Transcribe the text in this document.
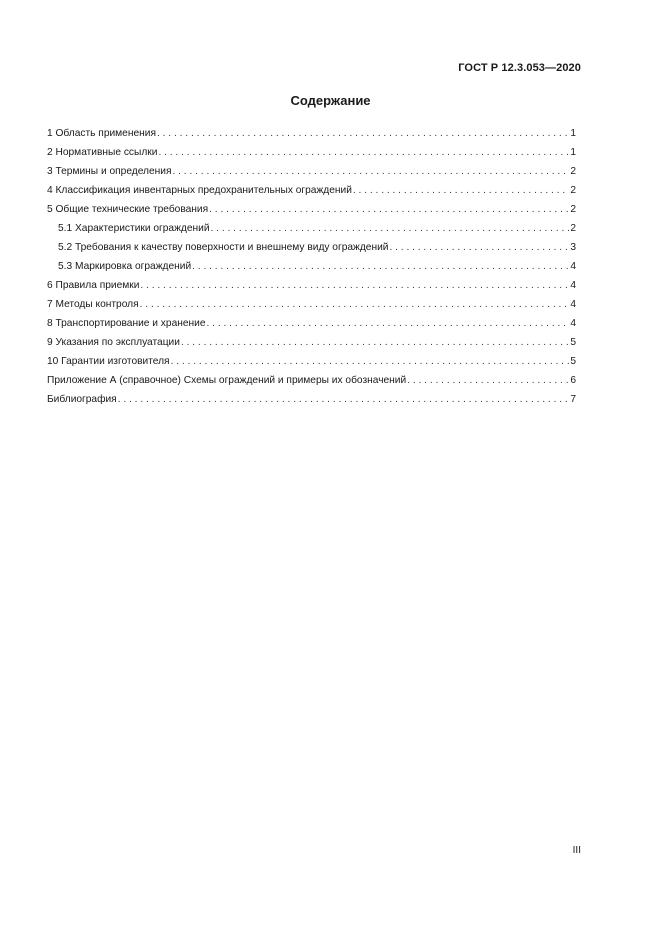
ГОСТ Р 12.3.053—2020
Содержание
1 Область применения . . .	1
2 Нормативные ссылки . . .	1
3 Термины и определения . . .	2
4 Классификация инвентарных предохранительных ограждений . . .	2
5 Общие технические требования . . .	2
5.1 Характеристики ограждений . . .	2
5.2 Требования к качеству поверхности и внешнему виду ограждений . . .	3
5.3 Маркировка ограждений . . .	4
6 Правила приемки . . .	4
7 Методы контроля . . .	4
8 Транспортирование и хранение . . .	4
9 Указания по эксплуатации . . .	5
10 Гарантии изготовителя . . .	5
Приложение А (справочное) Схемы ограждений и примеры их обозначений . . .	6
Библиография . . .	7
III
